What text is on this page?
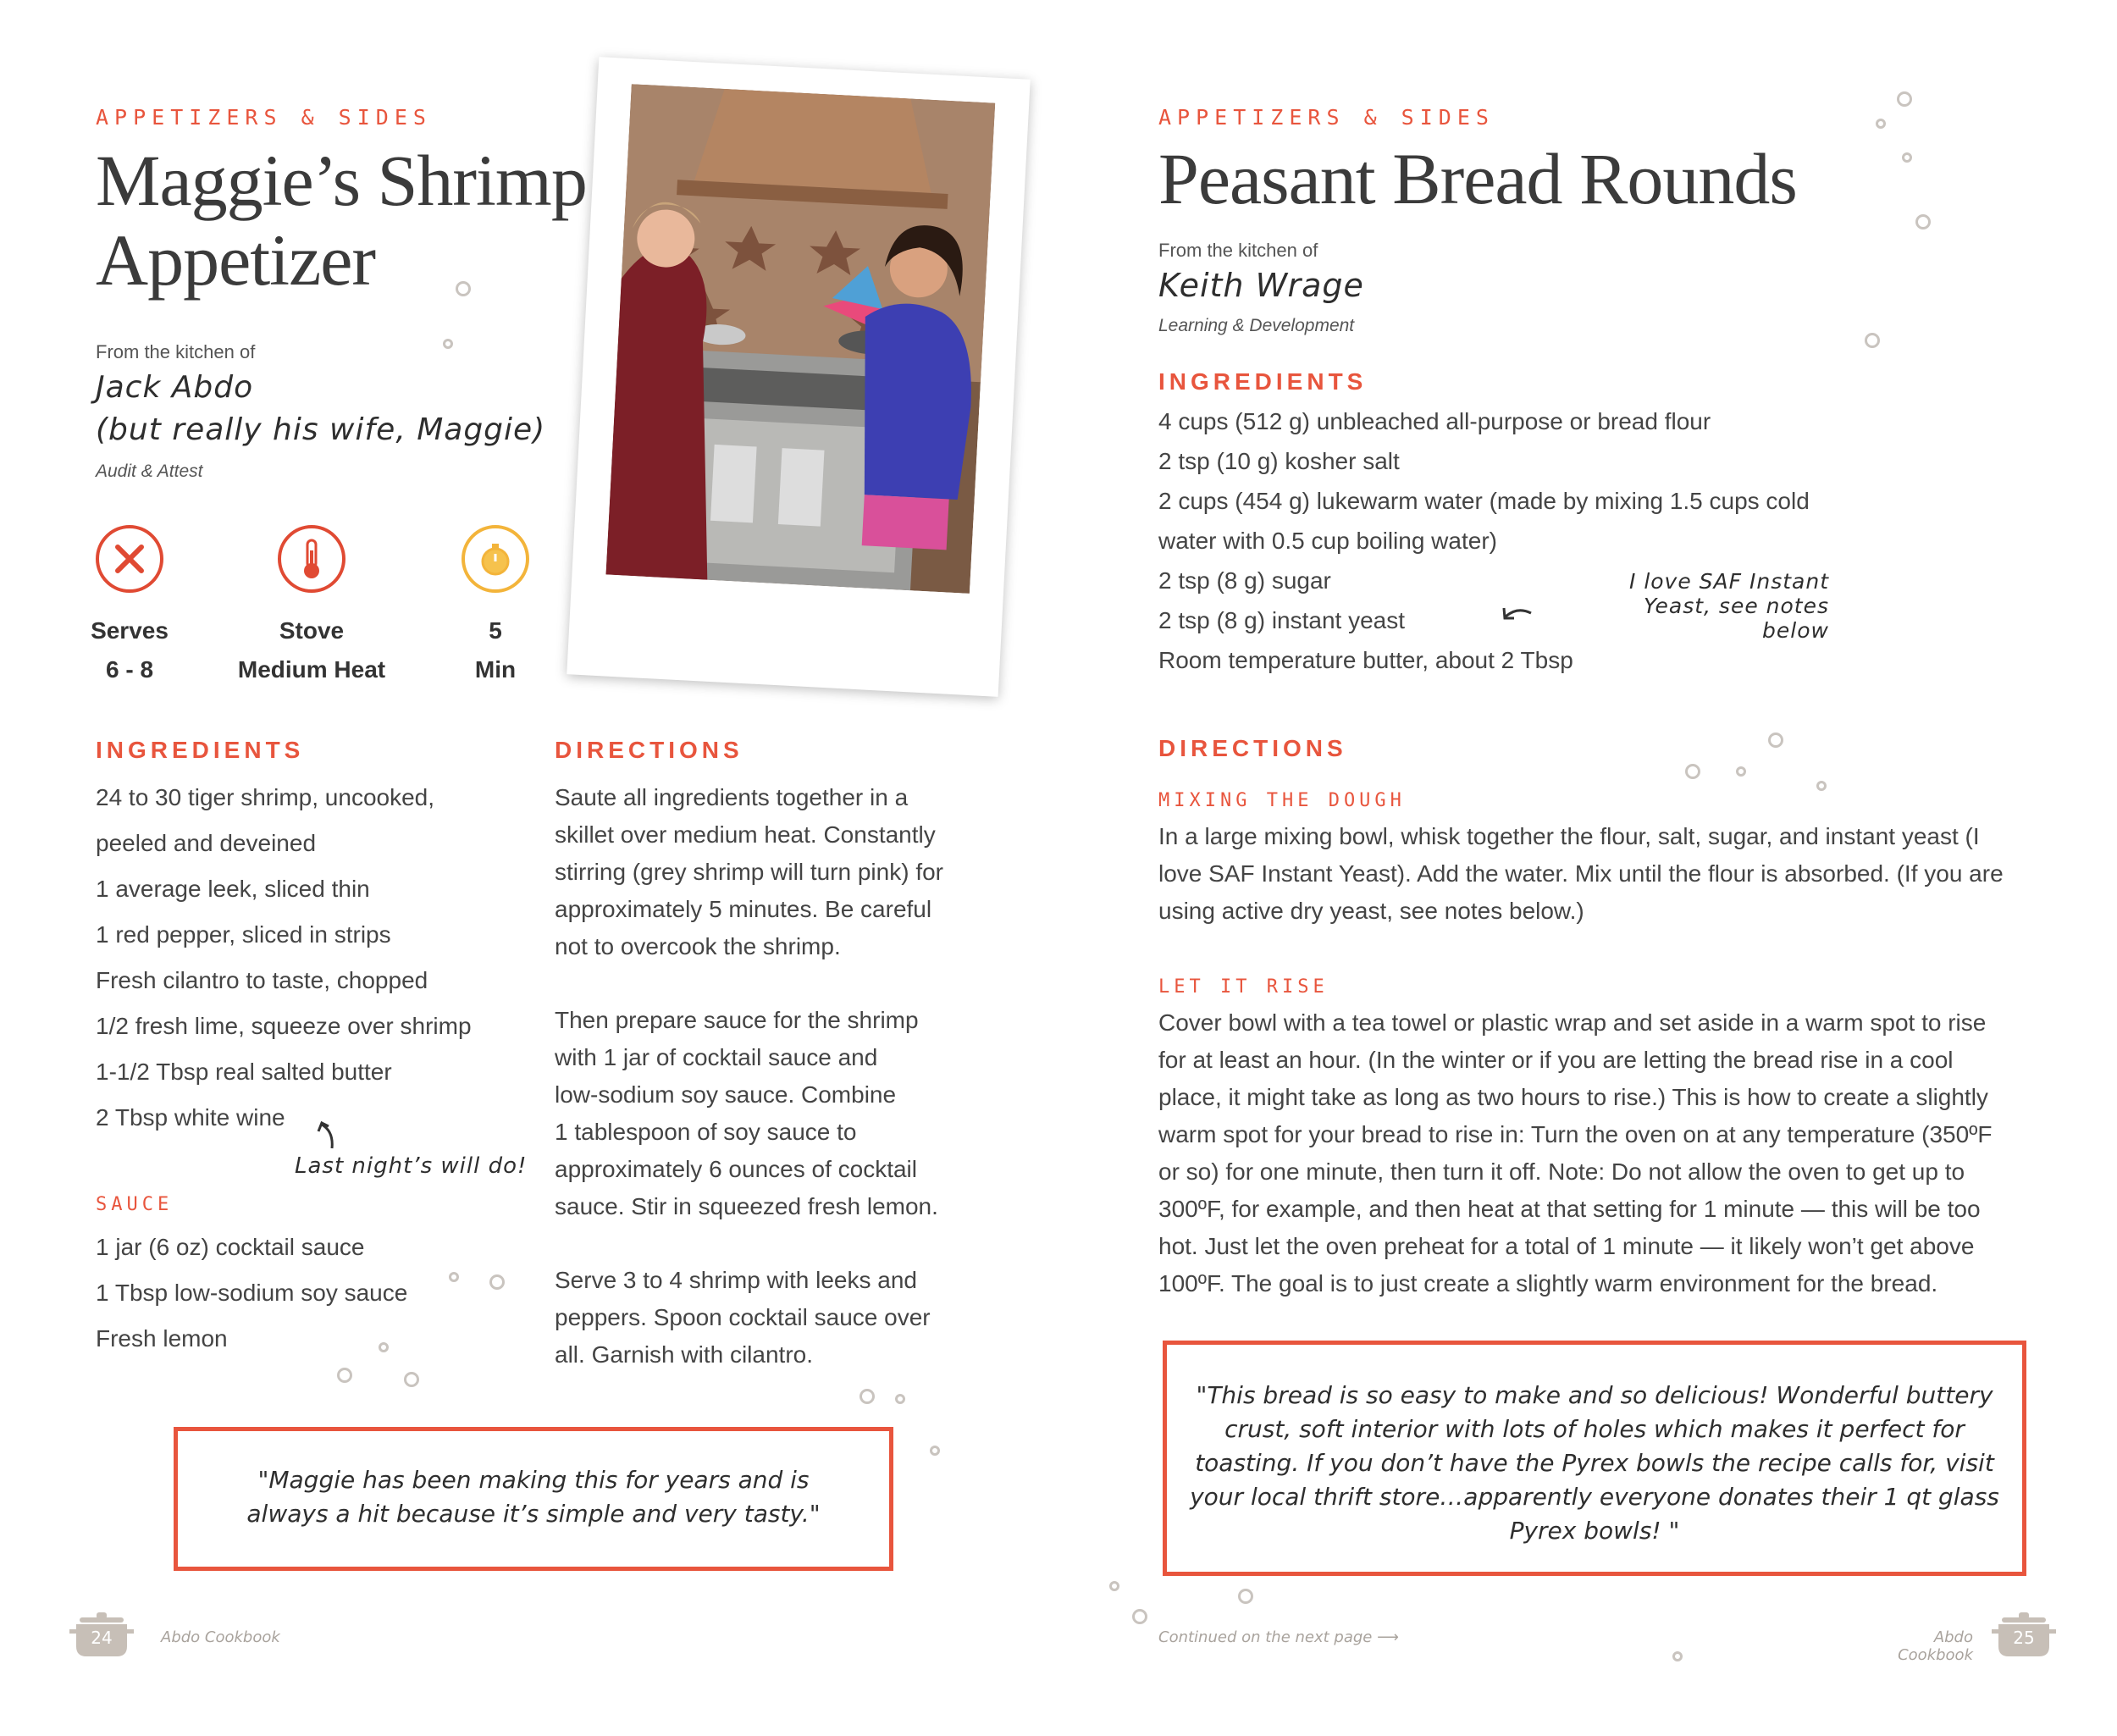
APPETIZERS & SIDES
Maggie’s Shrimp
Appetizer
From the kitchen of
Jack Abdo
(but really his wife, Maggie)
Audit & Attest
Serves
6 - 8
Stove
Medium Heat
5
Min
INGREDIENTS
24 to 30 tiger shrimp, uncooked,
peeled and deveined
1 average leek, sliced thin
1 red pepper, sliced in strips
Fresh cilantro to taste, chopped
1/2 fresh lime, squeeze over shrimp
1-1/2 Tbsp real salted butter
2 Tbsp white wine
Last night’s will do!
SAUCE
1 jar (6 oz) cocktail sauce
1 Tbsp low-sodium soy sauce
Fresh lemon
DIRECTIONS
Saute all ingredients together in a
skillet over medium heat. Constantly
stirring (grey shrimp will turn pink) for
approximately 5 minutes. Be careful
not to overcook the shrimp.
Then prepare sauce for the shrimp
with 1 jar of cocktail sauce and
low-sodium soy sauce. Combine
1 tablespoon of soy sauce to
approximately 6 ounces of cocktail
sauce. Stir in squeezed fresh lemon.
Serve 3 to 4 shrimp with leeks and
peppers. Spoon cocktail sauce over
all. Garnish with cilantro.
"Maggie has been making this for years and is
always a hit because it’s simple and very tasty."
24	Abdo Cookbook
APPETIZERS & SIDES
Peasant Bread Rounds
From the kitchen of
Keith Wrage
Learning & Development
INGREDIENTS
4 cups (512 g) unbleached all-purpose or bread flour
2 tsp (10 g) kosher salt
2 cups (454 g) lukewarm water (made by mixing 1.5 cups cold
water with 0.5 cup boiling water)
2 tsp (8 g) sugar
2 tsp (8 g) instant yeast
Room temperature butter, about 2 Tbsp
I love SAF Instant
Yeast, see notes below
DIRECTIONS
MIXING THE DOUGH
In a large mixing bowl, whisk together the flour, salt, sugar, and instant yeast (I
love SAF Instant Yeast). Add the water. Mix until the flour is absorbed. (If you are
using active dry yeast, see notes below.)
LET IT RISE
Cover bowl with a tea towel or plastic wrap and set aside in a warm spot to rise
for at least an hour. (In the winter or if you are letting the bread rise in a cool
place, it might take as long as two hours to rise.) This is how to create a slightly
warm spot for your bread to rise in: Turn the oven on at any temperature (350ºF
or so) for one minute, then turn it off. Note: Do not allow the oven to get up to
300ºF, for example, and then heat at that setting for 1 minute — this will be too
hot. Just let the oven preheat for a total of 1 minute — it likely won’t get above
100ºF. The goal is to just create a slightly warm environment for the bread.
"This bread is so easy to make and so delicious! Wonderful buttery
crust, soft interior with lots of holes which makes it perfect for
toasting. If you don’t have the Pyrex bowls the recipe calls for, visit
your local thrift store…apparently everyone donates their 1 qt glass
Pyrex bowls! "
Continued on the next page ⟶	Abdo Cookbook
25
